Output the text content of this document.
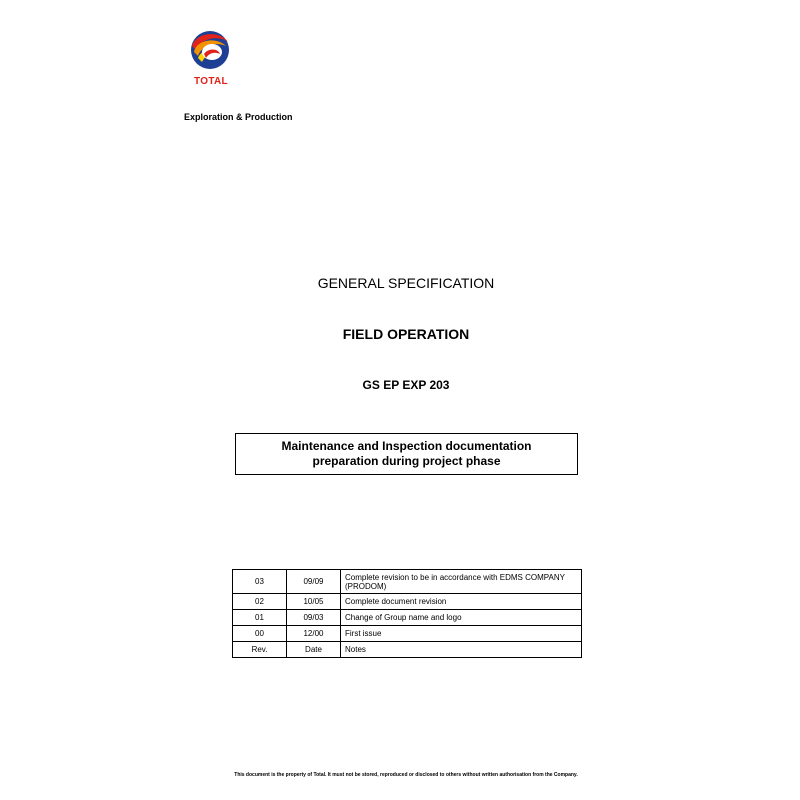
TOTAL
Exploration & Production
GENERAL SPECIFICATION
FIELD OPERATION
GS EP EXP 203
Maintenance and Inspection documentation
preparation during project phase
03	09/09	Complete revision to be in accordance with EDMS COMPANY (PRODOM)
02	10/05	Complete document revision
01	09/03	Change of Group name and logo
00	12/00	First issue
Rev.	Date	Notes
This document is the property of Total. It must not be stored, reproduced or disclosed to others without written authorisation from the Company.
